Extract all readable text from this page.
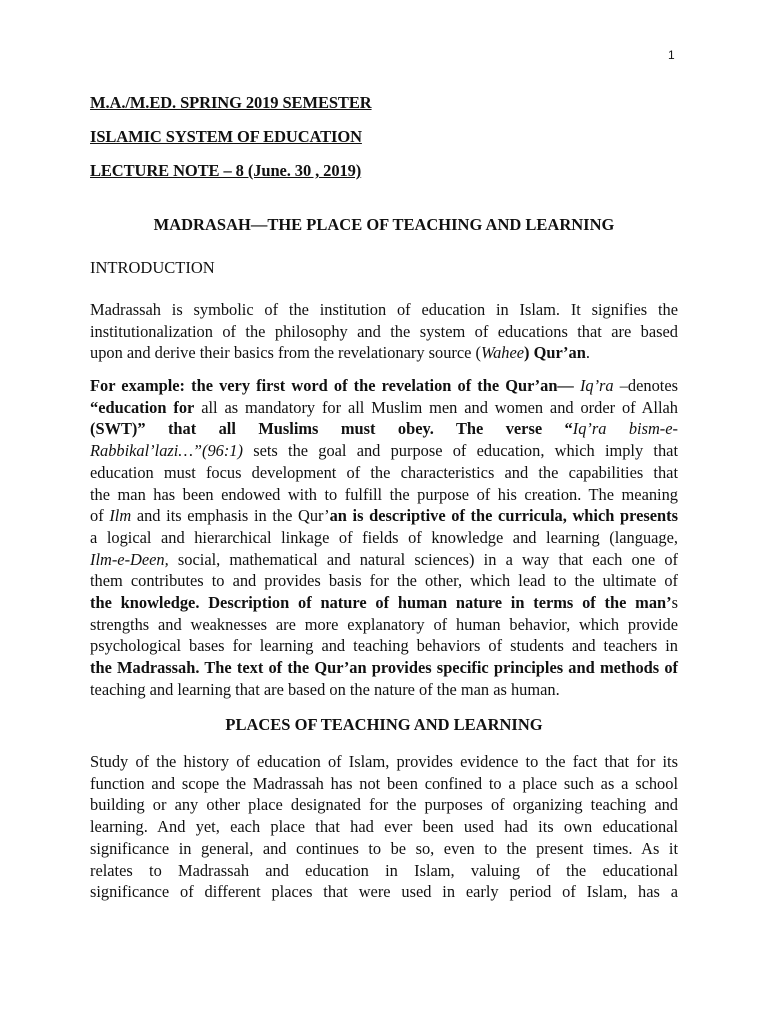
1
M.A./M.ED. SPRING 2019 SEMESTER
ISLAMIC SYSTEM OF EDUCATION
LECTURE NOTE – 8 (June. 30 , 2019)
MADRASAH—THE PLACE OF TEACHING AND LEARNING
INTRODUCTION
Madrassah is symbolic of the institution of education in Islam. It signifies the
institutionalization of the philosophy and the system of educations that are based
upon and derive their basics from the revelationary source (Wahee) Qur’an.
For example: the very first word of the revelation of the Qur’an— Iq’ra –denotes
“education for all as mandatory for all Muslim men and women and order of Allah
(SWT)” that all Muslims must obey. The verse “Iq’ra bism-e-
Rabbikal’lazi…”(96:1) sets the goal and purpose of education, which imply that
education must focus development of the characteristics and the capabilities that
the man has been endowed with to fulfill the purpose of his creation. The meaning
of Ilm and its emphasis in the Qur’an is descriptive of the curricula, which presents
a logical and hierarchical linkage of fields of knowledge and learning (language,
Ilm-e-Deen, social, mathematical and natural sciences) in a way that each one of
them contributes to and provides basis for the other, which lead to the ultimate of
the knowledge. Description of nature of human nature in terms of the man’s
strengths and weaknesses are more explanatory of human behavior, which provide
psychological bases for learning and teaching behaviors of students and teachers in
the Madrassah. The text of the Qur’an provides specific principles and methods of
teaching and learning that are based on the nature of the man as human.
PLACES OF TEACHING AND LEARNING
Study of the history of education of Islam, provides evidence to the fact that for its
function and scope the Madrassah has not been confined to a place such as a school
building or any other place designated for the purposes of organizing teaching and
learning. And yet, each place that had ever been used had its own educational
significance in general, and continues to be so, even to the present times. As it
relates to Madrassah and education in Islam, valuing of the educational
significance of different places that were used in early period of Islam, has a
